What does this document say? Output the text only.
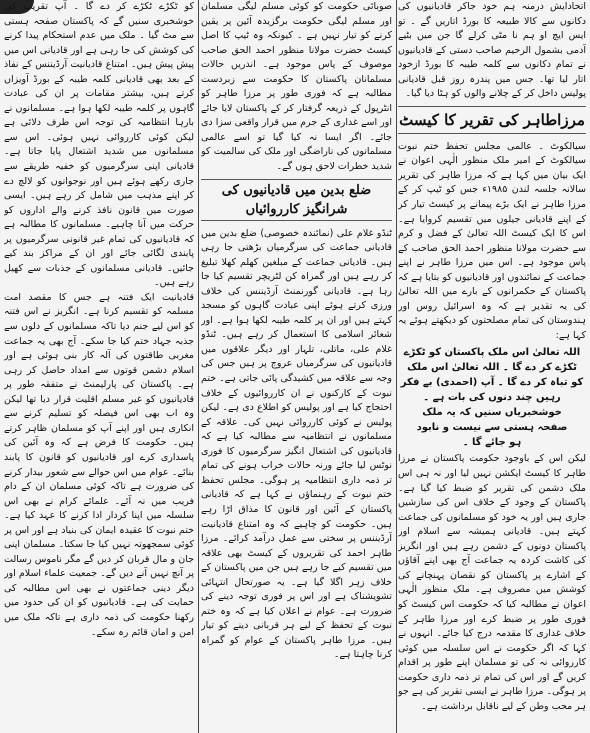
اتحادایش درمنہ ہم خود جاکر قادیانیوں کی دکانوں سے کالا طبیعہ کا بورڈ اتاریں گے ۔ تو ایس ایچ او ہم نا مٹی کرلے گا جن میں بٹیے آدمی بشمول الرحیم صاحب دستی کے قادیانیوں نے تمام دکانوں سے کلمہ طیبہ کا بورڈ ازخود اتار لیا تھا۔ جس میں پندرہ روز قبل قادیانی پولیس داخل کر کے چلانے والوں کو ہٹا دیا گیا۔

مرزاطاہر کی تقریر کا کیسٹ

سیالکوٹ ۔ عالمی مجلس تحفظ ختم نبوت سیالکوٹ کے امیر ملک منظور الٰہی اعوان نے ایک بیان میں کہا ہے کہ مرزا طاہر کی تقریر سالانہ جلسہ لندن ۱۹۸۵ء جس کو ٹیپ کر کے مرزا طاہر نے ایک بڑے پیمانے پر کیسٹ تیار کر کے اپنے قادیانی جیلوں میں تقسیم کروایا ہے۔ اس کا ایک کیسٹ اللہ تعالیٰ کے فضل و کرم سے حضرت مولانا منظور احمد الحق صاحب کے پاس موجود ہے۔ اس میں مرزا طاہر نے اپنے جماعت کے نمائندوں اور قادیانیوں کو بتایا ہے کہ پاکستان کے حکمرانوں کے بارے میں اللہ تعالیٰ کی یہ تقدیر ہے کہ وہ اسرائیل روس اور ہندوستان کی تمام مصلحتوں کو دیکھتے ہوئے یہ کہا ہے:

اللہ تعالیٰ اس ملک پاکستان کو ٹکڑے

ٹکڑے کر دے گا ۔ اللہ تعالیٰ اس ملک

کو تباہ کر دے گا ۔ آپ (احمدی) بے فکر

رہیں چند دنوں کی بات ہے ۔

خوشخبریاں سنیں کہ یہ ملک

صفحہ ہستی سے نیست و نابود

ہو جائے گا ۔

لیکن اس کے باوجود حکومت پاکستان نے مرزا طاہر کا کیسٹ ایکشن نہیں لیا اور نہ ہی اس ملک دشمن کی تقریر کو ضبط کیا گیا ہے۔ پاکستان کے وجود کے خلاف اس کی سازشیں جاری ہیں اور یہ خود کو مسلمانوں کی جماعت کہتے ہیں۔ قادیانی ہمیشہ سے اسلام اور پاکستان دونوں کے دشمن رہے ہیں اور انگریز کی کاشت کردہ یہ جماعت آج بھی اپنے آقاؤں کے اشارے پر پاکستان کو نقصان پہنچانے کی کوشش میں مصروف ہے۔ ملک منظور الٰہی اعوان نے مطالبہ کیا کہ حکومت اس کیسٹ کو فوری طور پر ضبط کرے اور مرزا طاہر کے خلاف غداری کا مقدمہ درج کیا جائے۔ انہوں نے کہا کہ اگر حکومت نے اس سلسلہ میں کوئی کارروائی نہ کی تو مسلمان اپنے طور پر اقدام کریں گے اور اس کی تمام تر ذمہ داری حکومت پر ہوگی۔ مرزا طاہر نے ایسی تقریر کی ہے جو ہر محب وطن کے لیے ناقابل برداشت ہے۔

صوبائی حکومت کو کوئی مسلم لیگی مسلمان اور مسلم لیگی حکومت برگزیدہ آئین پر یقین کرنے کو تیار نہیں ہے ۔ کیونکہ وہ ٹیپ کا اصل کیسٹ حضرت مولانا منظور احمد الحق صاحب موصوف کے پاس موجود ہے۔ اندریں حالات مسلمانان پاکستان کا حکومت سے زبردست مطالبہ ہے کہ فوری طور پر مرزا طاہر کو انٹرپول کے ذریعہ گرفتار کر کے پاکستان لایا جائے اور اسے غداری کے جرم میں قرار واقعی سزا دی جائے۔ اگر ایسا نہ کیا گیا تو اسے عالمی مسلمانوں کی ناراضگی اور ملک کی سالمیت کو شدید خطرات لاحق ہوں گے۔

ضلع بدین میں قادیانیوں کی شرانگیز کارروائیاں

ٹنڈو غلام علی (نمائندہ خصوصی) ضلع بدین میں قادیانی جماعت کی سرگرمیاں بڑھتی جا رہی ہیں۔ قادیانی جماعت کے مبلغین کھلم کھلا تبلیغ کر رہے ہیں اور گمراہ کن لٹریچر تقسیم کیا جا رہا ہے۔ قادیانی گورنمنٹ آرڈیننس کی خلاف ورزی کرتے ہوئے اپنی عبادت گاہوں کو مسجد کہتے ہیں اور ان پر کلمہ طیبہ لکھا ہوا ہے۔ اور شعائر اسلامی کا استعمال کر رہے ہیں۔ ٹنڈو غلام علی، ماتلی، تلہار اور دیگر علاقوں میں قادیانیوں کی سرگرمیاں عروج پر ہیں جس کی وجہ سے علاقہ میں کشیدگی پائی جاتی ہے۔ ختم نبوت کے کارکنوں نے ان کارروائیوں کے خلاف احتجاج کیا ہے اور پولیس کو اطلاع دی ہے۔ لیکن پولیس نے کوئی کارروائی نہیں کی۔ علاقہ کے مسلمانوں نے انتظامیہ سے مطالبہ کیا ہے کہ قادیانیوں کی اشتعال انگیز سرگرمیوں کا فوری نوٹس لیا جائے ورنہ حالات خراب ہونے کی تمام تر ذمہ داری انتظامیہ پر ہوگی۔ مجلس تحفظ ختم نبوت کے رہنماؤں نے کہا ہے کہ قادیانی پاکستان کے آئین اور قانون کا مذاق اڑا رہے ہیں۔ حکومت کو چاہیے کہ وہ امتناع قادیانیت آرڈیننس پر سختی سے عمل درآمد کرائے۔ مرزا طاہر احمد کی تقریروں کے کیسٹ بھی علاقہ میں تقسیم کیے جا رہے ہیں جن میں پاکستان کے خلاف زہر اگلا گیا ہے۔ یہ صورتحال انتہائی تشویشناک ہے اور اس پر فوری توجہ دینے کی ضرورت ہے۔ عوام نے اعلان کیا ہے کہ وہ ختم نبوت کے تحفظ کے لیے ہر قربانی دینے کو تیار ہیں۔ مرزا طاہر پاکستان کے عوام کو گمراہ کرنا چاہتا ہے۔

کو ٹکڑے ٹکڑے کر دے گا ۔ آپ تقریب کی خوشخبری سنیں گے کہ پاکستان صفحہ ہستی سے مٹ گیا ۔ ملک میں عدم استحکام پیدا کرنے کی کوشش کی جا رہی ہے اور قادیانی اس میں پیش پیش ہیں۔ امتناع قادیانیت آرڈیننس کے نفاذ کے بعد بھی قادیانی کلمہ طیبہ کے بورڈ آویزاں کرتے ہیں، بیشتر مقامات پر ان کی عبادت گاہوں پر کلمہ طیبہ لکھا ہوا ہے۔ مسلمانوں نے بارہا انتظامیہ کی توجہ اس طرف دلائی ہے لیکن کوئی کارروائی نہیں ہوئی۔ اس سے مسلمانوں میں شدید اشتعال پایا جاتا ہے۔ قادیانی اپنی سرگرمیوں کو خفیہ طریقے سے جاری رکھے ہوئے ہیں اور نوجوانوں کو لالچ دے کر اپنے مذہب میں شامل کر رہے ہیں۔ ایسی صورت میں قانون نافذ کرنے والے اداروں کو حرکت میں آنا چاہیے۔ مسلمانوں کا مطالبہ ہے کہ قادیانیوں کی تمام غیر قانونی سرگرمیوں پر پابندی لگائی جائے اور ان کے مراکز بند کیے جائیں۔ قادیانی مسلمانوں کے جذبات سے کھیل رہے ہیں۔

قادیانیت ایک فتنہ ہے جس کا مقصد امت مسلمہ کو تقسیم کرنا ہے۔ انگریز نے اس فتنہ کو اس لیے جنم دیا تاکہ مسلمانوں کے دلوں سے جذبہ جہاد ختم کیا جا سکے۔ آج بھی یہ جماعت مغربی طاقتوں کی آلہ کار بنی ہوئی ہے اور اسلام دشمن قوتوں سے امداد حاصل کر رہی ہے۔ پاکستان کی پارلیمنٹ نے متفقہ طور پر قادیانیوں کو غیر مسلم اقلیت قرار دیا تھا لیکن وہ اب بھی اس فیصلہ کو تسلیم کرنے سے انکاری ہیں اور اپنے آپ کو مسلمان ظاہر کرتے ہیں۔ حکومت کا فرض ہے کہ وہ آئین کی پاسداری کرے اور قادیانیوں کو قانون کا پابند بنائے۔ عوام میں اس حوالے سے شعور بیدار کرنے کی ضرورت ہے تاکہ کوئی مسلمان ان کے دام فریب میں نہ آئے۔ علمائے کرام نے بھی اس سلسلہ میں اپنا کردار ادا کرنے کا عہد کیا ہے۔ ختم نبوت کا عقیدہ ایمان کی بنیاد ہے اور اس پر کوئی سمجھوتہ نہیں کیا جا سکتا۔ مسلمان اپنی جان و مال قربان کر دیں گے مگر ناموس رسالت پر آنچ نہیں آنے دیں گے۔ جمعیت علماء اسلام اور دیگر دینی جماعتوں نے بھی اس مطالبہ کی حمایت کی ہے۔ قادیانیوں کو ان کی حدود میں رکھنا حکومت کی ذمہ داری ہے تاکہ ملک میں امن و امان قائم رہ سکے۔
